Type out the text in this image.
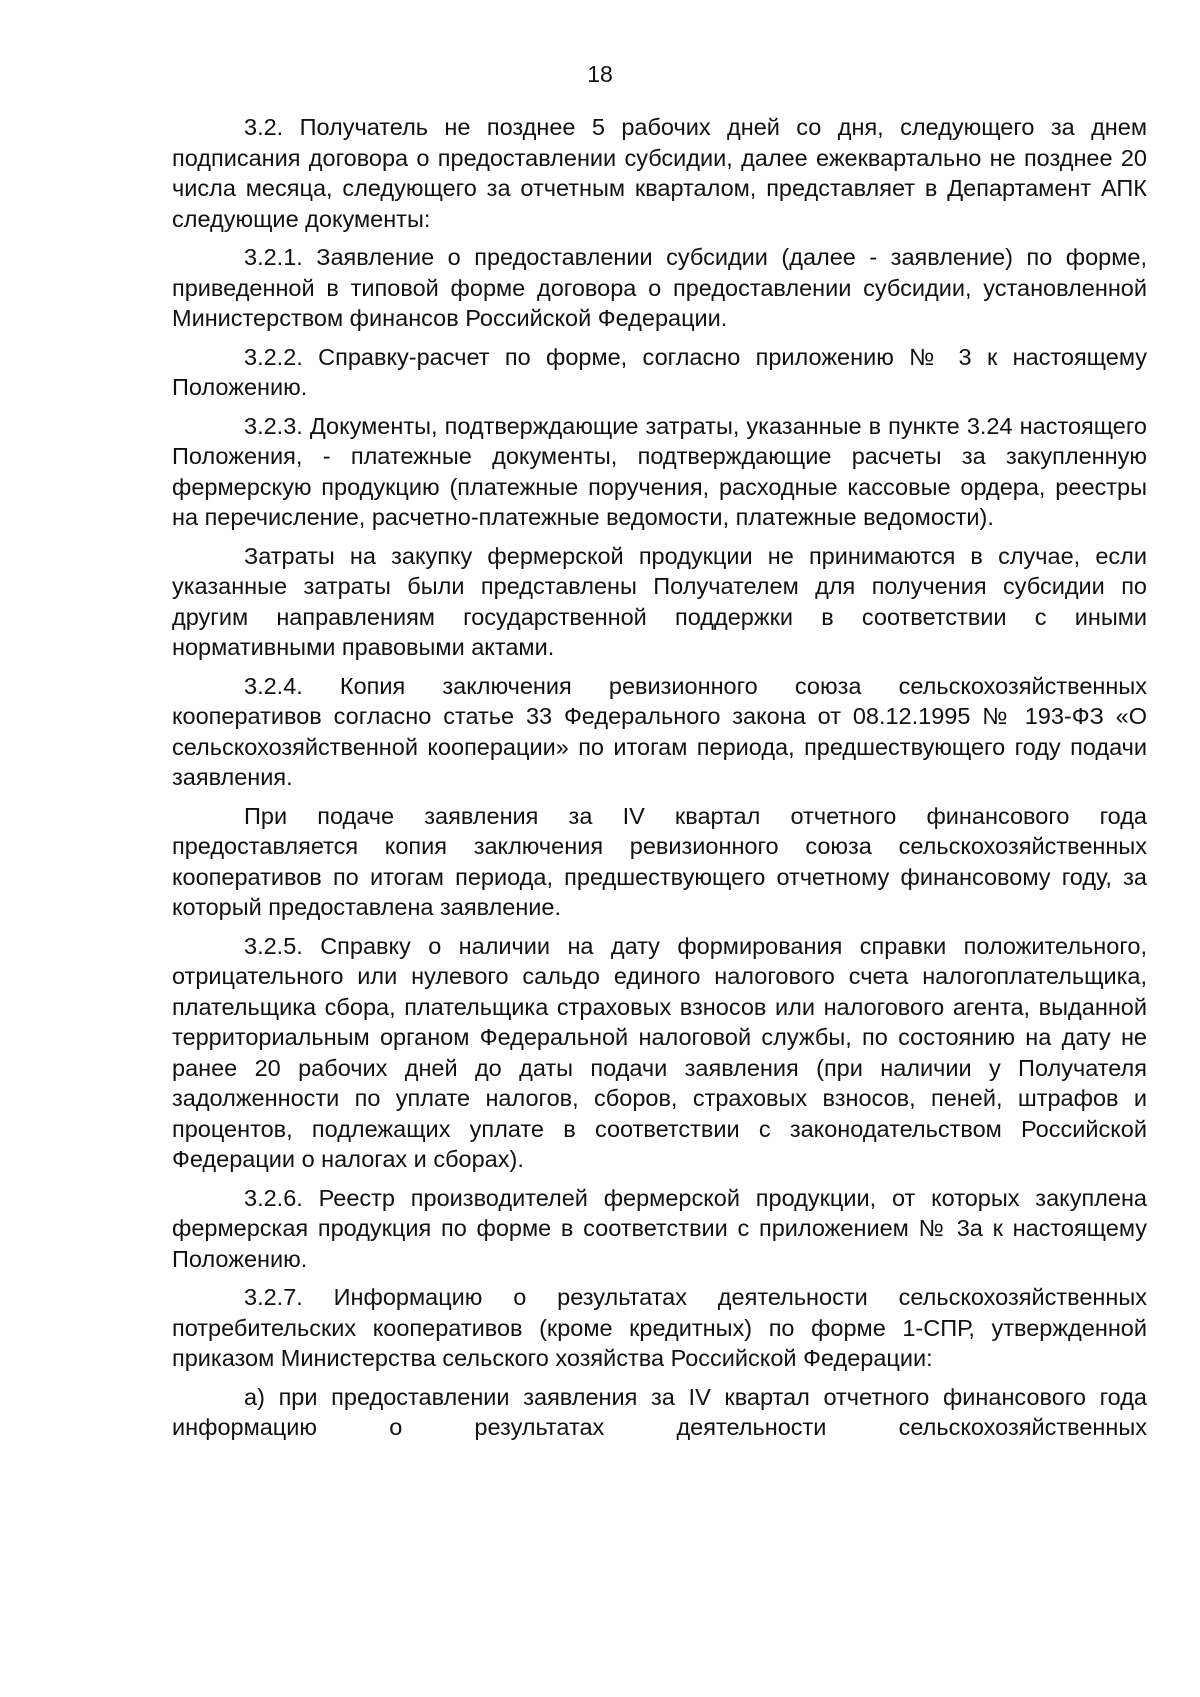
18

3.2. Получатель не позднее 5 рабочих дней со дня, следующего за днем подписания договора о предоставлении субсидии, далее ежеквартально не позднее 20 числа месяца, следующего за отчетным кварталом, представляет в Департамент АПК следующие документы:

3.2.1. Заявление о предоставлении субсидии (далее - заявление) по форме, приведенной в типовой форме договора о предоставлении субсидии, установленной Министерством финансов Российской Федерации.

3.2.2. Справку-расчет по форме, согласно приложению № 3 к настоящему Положению.

3.2.3. Документы, подтверждающие затраты, указанные в пункте 3.24 настоящего Положения, - платежные документы, подтверждающие расчеты за закупленную фермерскую продукцию (платежные поручения, расходные кассовые ордера, реестры на перечисление, расчетно-платежные ведомости, платежные ведомости).

Затраты на закупку фермерской продукции не принимаются в случае, если указанные затраты были представлены Получателем для получения субсидии по другим направлениям государственной поддержки в соответствии с иными нормативными правовыми актами.

3.2.4. Копия заключения ревизионного союза сельскохозяйственных кооперативов согласно статье 33 Федерального закона от 08.12.1995 № 193-ФЗ «О сельскохозяйственной кооперации» по итогам периода, предшествующего году подачи заявления.

При подаче заявления за IV квартал отчетного финансового года предоставляется копия заключения ревизионного союза сельскохозяйственных кооперативов по итогам периода, предшествующего отчетному финансовому году, за который предоставлена заявление.

3.2.5. Справку о наличии на дату формирования справки положительного, отрицательного или нулевого сальдо единого налогового счета налогоплательщика, плательщика сбора, плательщика страховых взносов или налогового агента, выданной территориальным органом Федеральной налоговой службы, по состоянию на дату не ранее 20 рабочих дней до даты подачи заявления (при наличии у Получателя задолженности по уплате налогов, сборов, страховых взносов, пеней, штрафов и процентов, подлежащих уплате в соответствии с законодательством Российской Федерации о налогах и сборах).

3.2.6. Реестр производителей фермерской продукции, от которых закуплена фермерская продукция по форме в соответствии с приложением № 3а к настоящему Положению.

3.2.7. Информацию о результатах деятельности сельскохозяйственных потребительских кооперативов (кроме кредитных) по форме 1-СПР, утвержденной приказом Министерства сельского хозяйства Российской Федерации:

а) при предоставлении заявления за IV квартал отчетного финансового года информацию о результатах деятельности сельскохозяйственных
